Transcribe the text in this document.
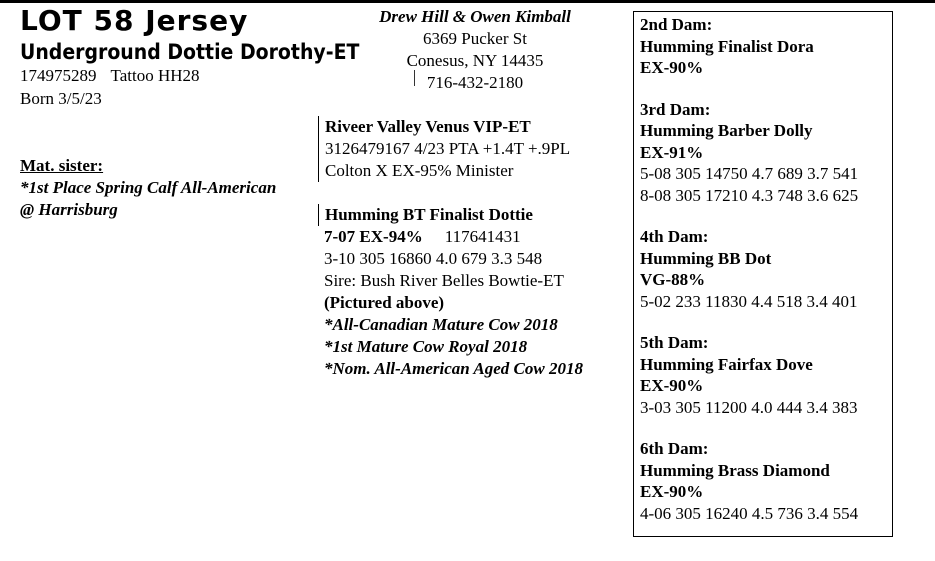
LOT 58 Jersey
Underground Dottie Dorothy-ET
174975289 Tattoo HH28
Born 3/5/23
Mat. sister:
*1st Place Spring Calf All-American
@ Harrisburg
Drew Hill & Owen Kimball
6369 Pucker St
Conesus, NY 14435
716-432-2180
Riveer Valley Venus VIP-ET
3126479167 4/23 PTA +1.4T +.9PL
Colton X EX-95% Minister
Humming BT Finalist Dottie
7-07 EX-94% 117641431
3-10 305 16860 4.0 679 3.3 548
Sire: Bush River Belles Bowtie-ET
(Pictured above)
*All-Canadian Mature Cow 2018
*1st Mature Cow Royal 2018
*Nom. All-American Aged Cow 2018
2nd Dam:
Humming Finalist Dora
EX-90%
3rd Dam:
Humming Barber Dolly
EX-91%
5-08 305 14750 4.7 689 3.7 541
8-08 305 17210 4.3 748 3.6 625
4th Dam:
Humming BB Dot
VG-88%
5-02 233 11830 4.4 518 3.4 401
5th Dam:
Humming Fairfax Dove
EX-90%
3-03 305 11200 4.0 444 3.4 383
6th Dam:
Humming Brass Diamond
EX-90%
4-06 305 16240 4.5 736 3.4 554
